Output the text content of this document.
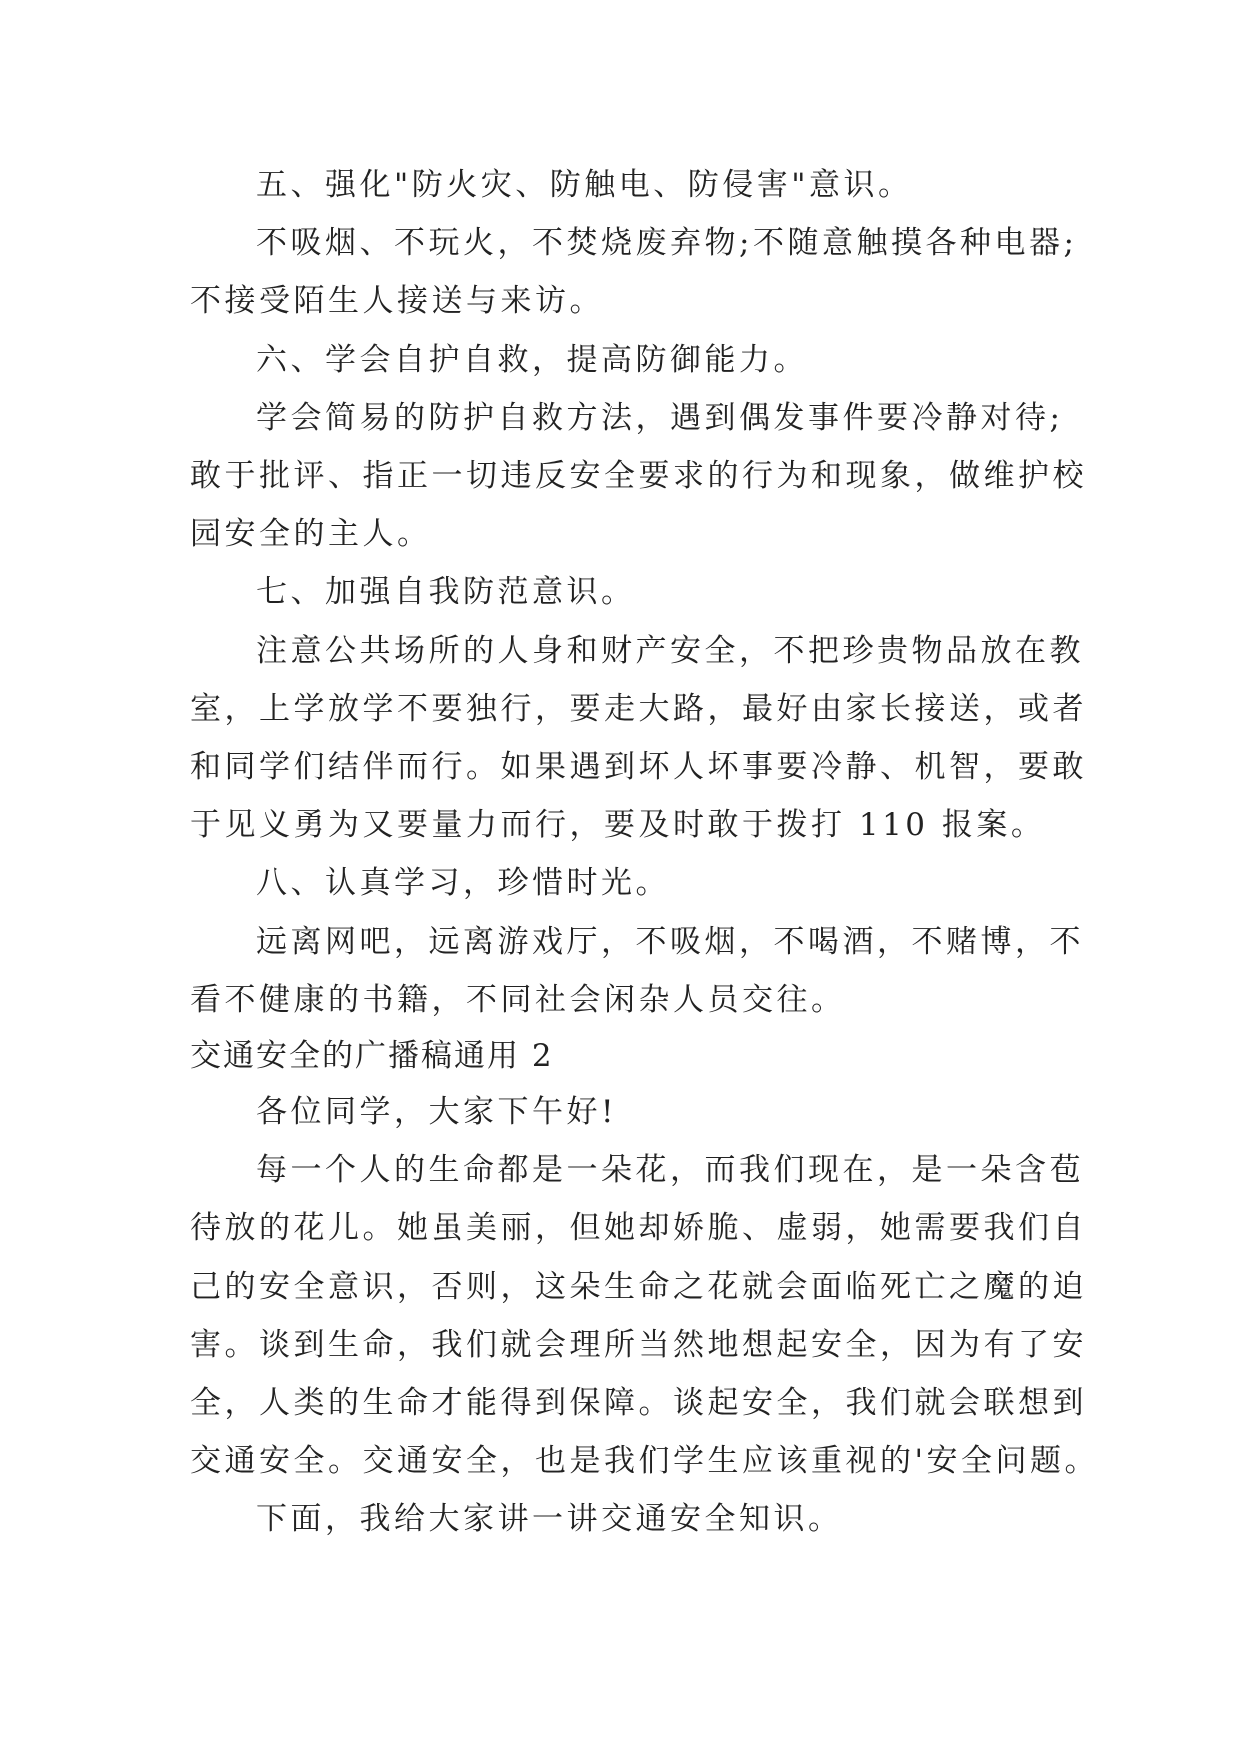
五、强化"防火灾、防触电、防侵害"意识。

不吸烟、不玩火，不焚烧废弃物;不随意触摸各种电器;

不接受陌生人接送与来访。

六、学会自护自救，提高防御能力。

学会简易的防护自救方法，遇到偶发事件要冷静对待;

敢于批评、指正一切违反安全要求的行为和现象，做维护校

园安全的主人。

七、加强自我防范意识。

注意公共场所的人身和财产安全，不把珍贵物品放在教

室，上学放学不要独行，要走大路，最好由家长接送，或者

和同学们结伴而行。如果遇到坏人坏事要冷静、机智，要敢

于见义勇为又要量力而行，要及时敢于拨打 110 报案。

八、认真学习，珍惜时光。

远离网吧，远离游戏厅，不吸烟，不喝酒，不赌博，不

看不健康的书籍，不同社会闲杂人员交往。

交通安全的广播稿通用 2

各位同学，大家下午好!

每一个人的生命都是一朵花，而我们现在，是一朵含苞

待放的花儿。她虽美丽，但她却娇脆、虚弱，她需要我们自

己的安全意识，否则，这朵生命之花就会面临死亡之魔的迫

害。谈到生命，我们就会理所当然地想起安全，因为有了安

全，人类的生命才能得到保障。谈起安全，我们就会联想到

交通安全。交通安全，也是我们学生应该重视的'安全问题。

下面，我给大家讲一讲交通安全知识。
